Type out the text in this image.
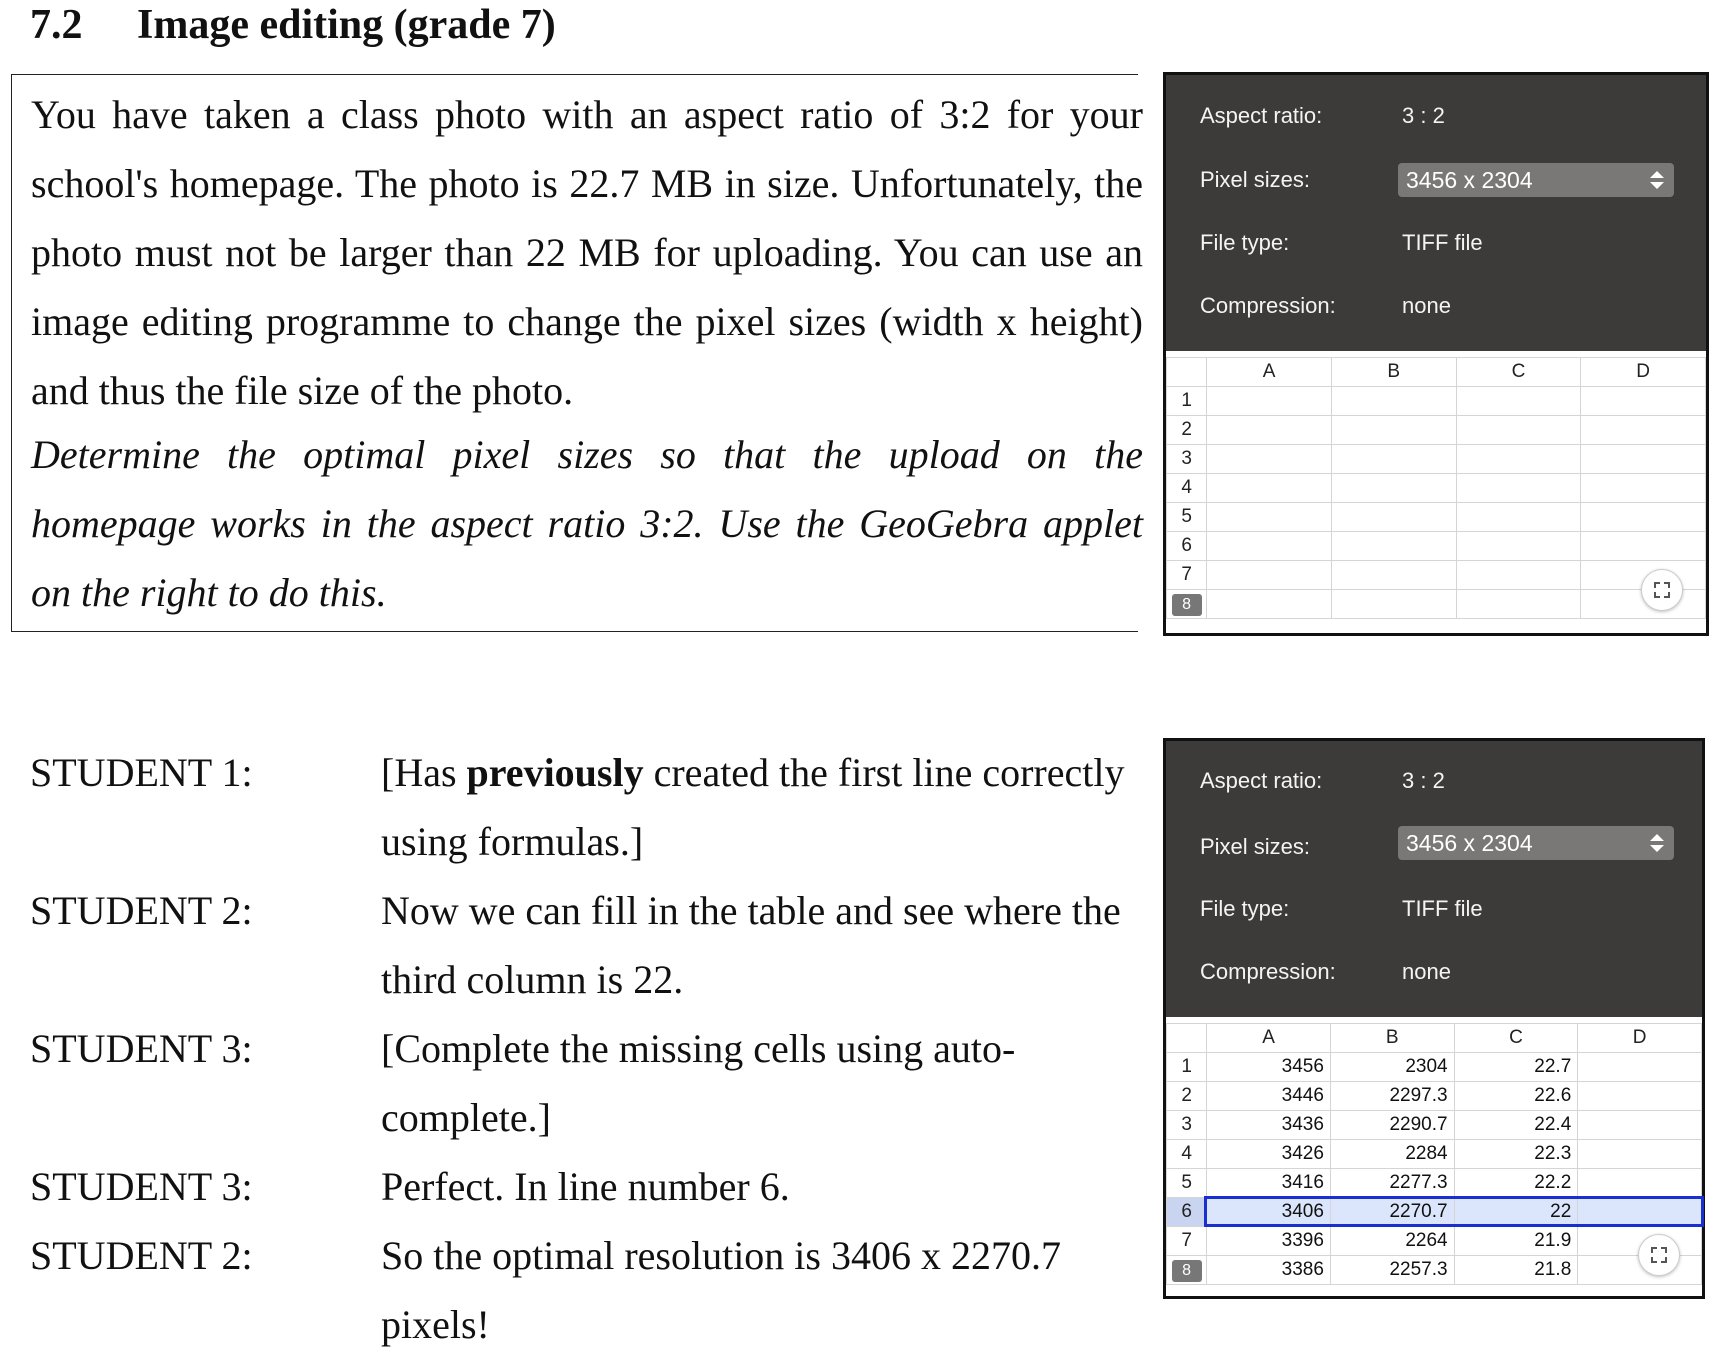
7.2 Image editing (grade 7)

You have taken a class photo with an aspect ratio of 3:2 for your school's homepage. The photo is 22.7 MB in size. Unfortunately, the photo must not be larger than 22 MB for uploading. You can use an image editing programme to change the pixel sizes (width x height) and thus the file size of the photo.

Determine the optimal pixel sizes so that the upload on the homepage works in the aspect ratio 3:2. Use the GeoGebra applet on the right to do this.

Aspect ratio:	3 : 2
Pixel sizes:	3456 x 2304
File type:	TIFF file
Compression:	none
	A	B	C	D
1				
2				
3				
4				
5				
6				
7				
8				
STUDENT 1:	[Has previously created the first line correctly using formulas.]
STUDENT 2:	Now we can fill in the table and see where the third column is 22.
STUDENT 3:	[Complete the missing cells using auto-complete.]
STUDENT 3:	Perfect. In line number 6.
STUDENT 2:	So the optimal resolution is 3406 x 2270.7 pixels!
Aspect ratio:	3 : 2
Pixel sizes:	3456 x 2304
File type:	TIFF file
Compression:	none
	A	B	C	D
1	3456	2304	22.7	
2	3446	2297.3	22.6	
3	3436	2290.7	22.4	
4	3426	2284	22.3	
5	3416	2277.3	22.2	
6	3406	2270.7	22	
7	3396	2264	21.9	
8	3386	2257.3	21.8	
